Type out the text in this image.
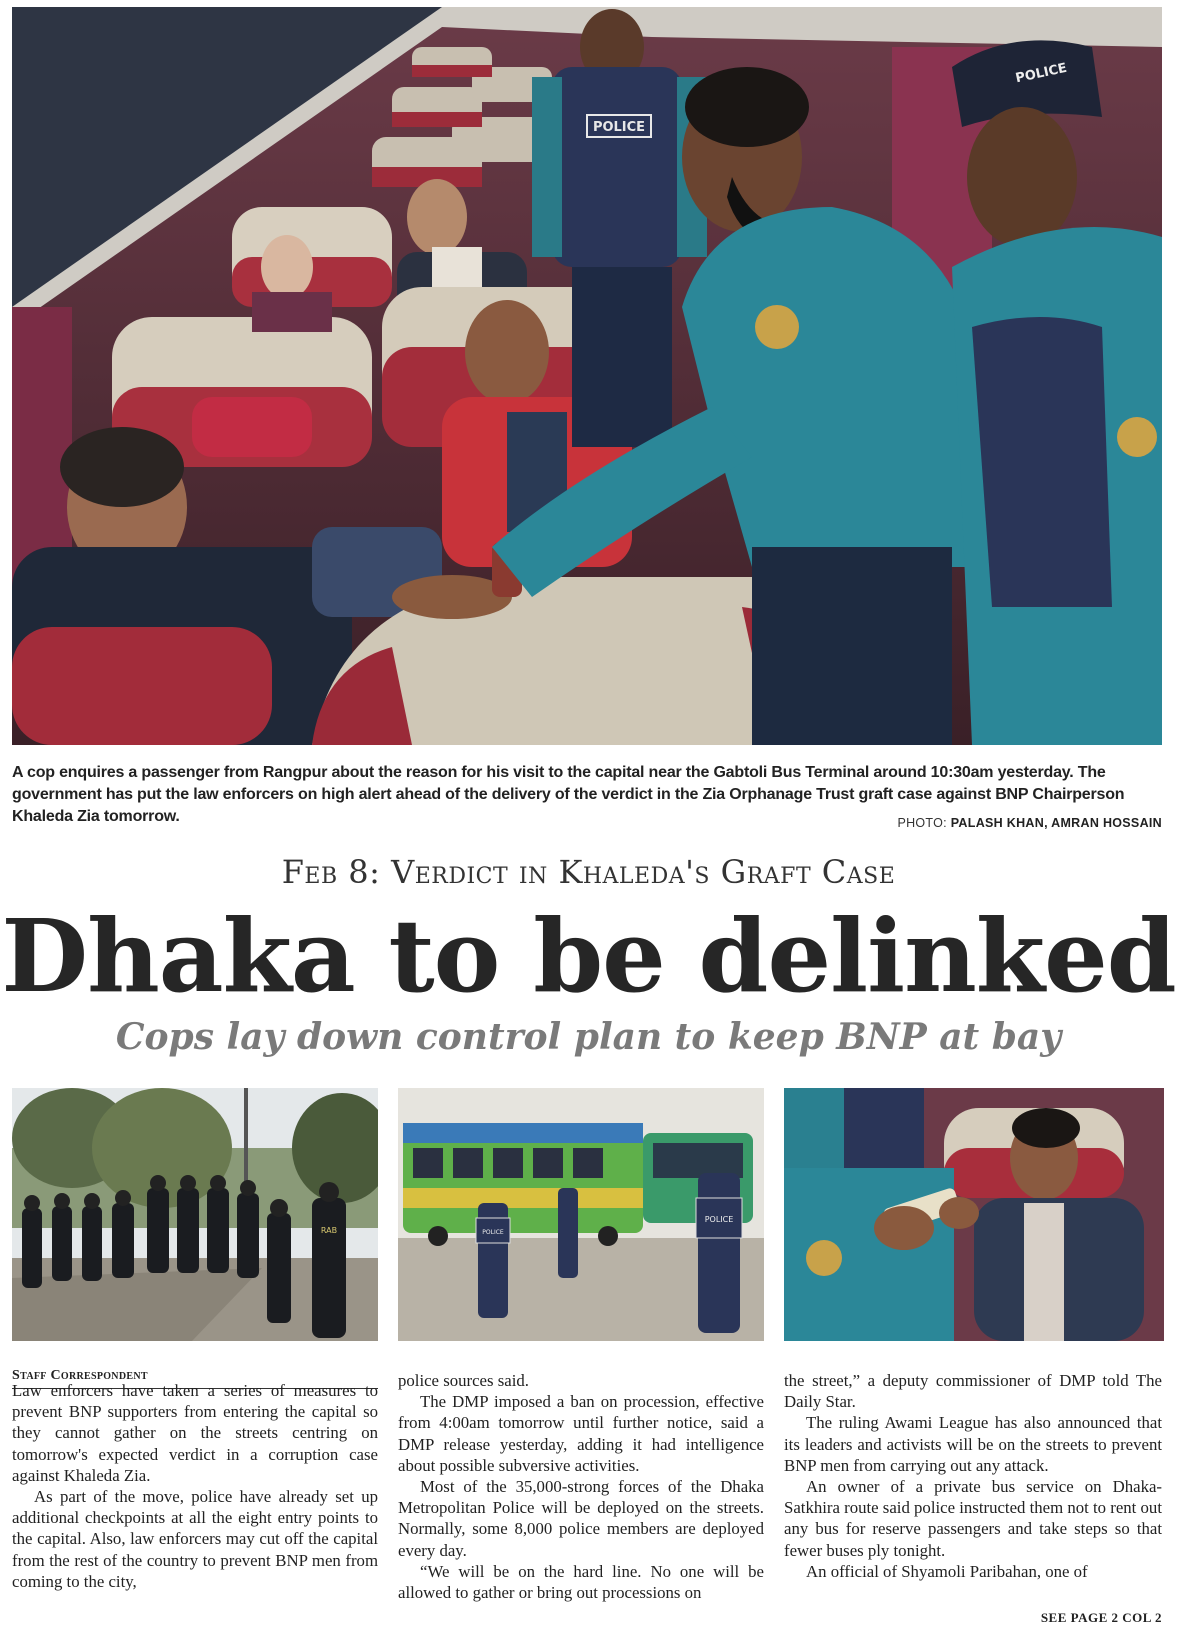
POLICE
POLICE

A cop enquires a passenger from Rangpur about the reason for his visit to the capital near the Gabtoli Bus Terminal around 10:30am yesterday. The government has put the law enforcers on high alert ahead of the delivery of the verdict in the Zia Orphanage Trust graft case against BNP Chairperson Khaleda Zia tomorrow.	PHOTO: PALASH KHAN, AMRAN HOSSAIN
Feb 8: Verdict in Khaleda's Graft Case
Dhaka to be delinked
Cops lay down control plan to keep BNP at bay
RAB	POLICE
POLICE
Staff Correspondent

Law enforcers have taken a series of measures to prevent BNP supporters from entering the capital so they cannot gather on the streets centring on tomorrow's expected verdict in a corruption case against Khaleda Zia.

As part of the move, police have already set up additional checkpoints at all the eight entry points to the capital. Also, law enforcers may cut off the capital from the rest of the country to prevent BNP men from coming to the city,

police sources said.

The DMP imposed a ban on procession, effective from 4:00am tomorrow until further notice, said a DMP release yesterday, adding it had intelligence about possible subversive activities.

Most of the 35,000-strong forces of the Dhaka Metropolitan Police will be deployed on the streets. Normally, some 8,000 police members are deployed every day.

“We will be on the hard line. No one will be allowed to gather or bring out processions on

the street,” a deputy commissioner of DMP told The Daily Star.

The ruling Awami League has also announced that its leaders and activists will be on the streets to prevent BNP men from carrying out any attack.

An owner of a private bus service on Dhaka-Satkhira route said police instructed them not to rent out any bus for reserve passengers and take steps so that fewer buses ply tonight.

An official of Shyamoli Paribahan, one of

SEE PAGE 2 COL 2
